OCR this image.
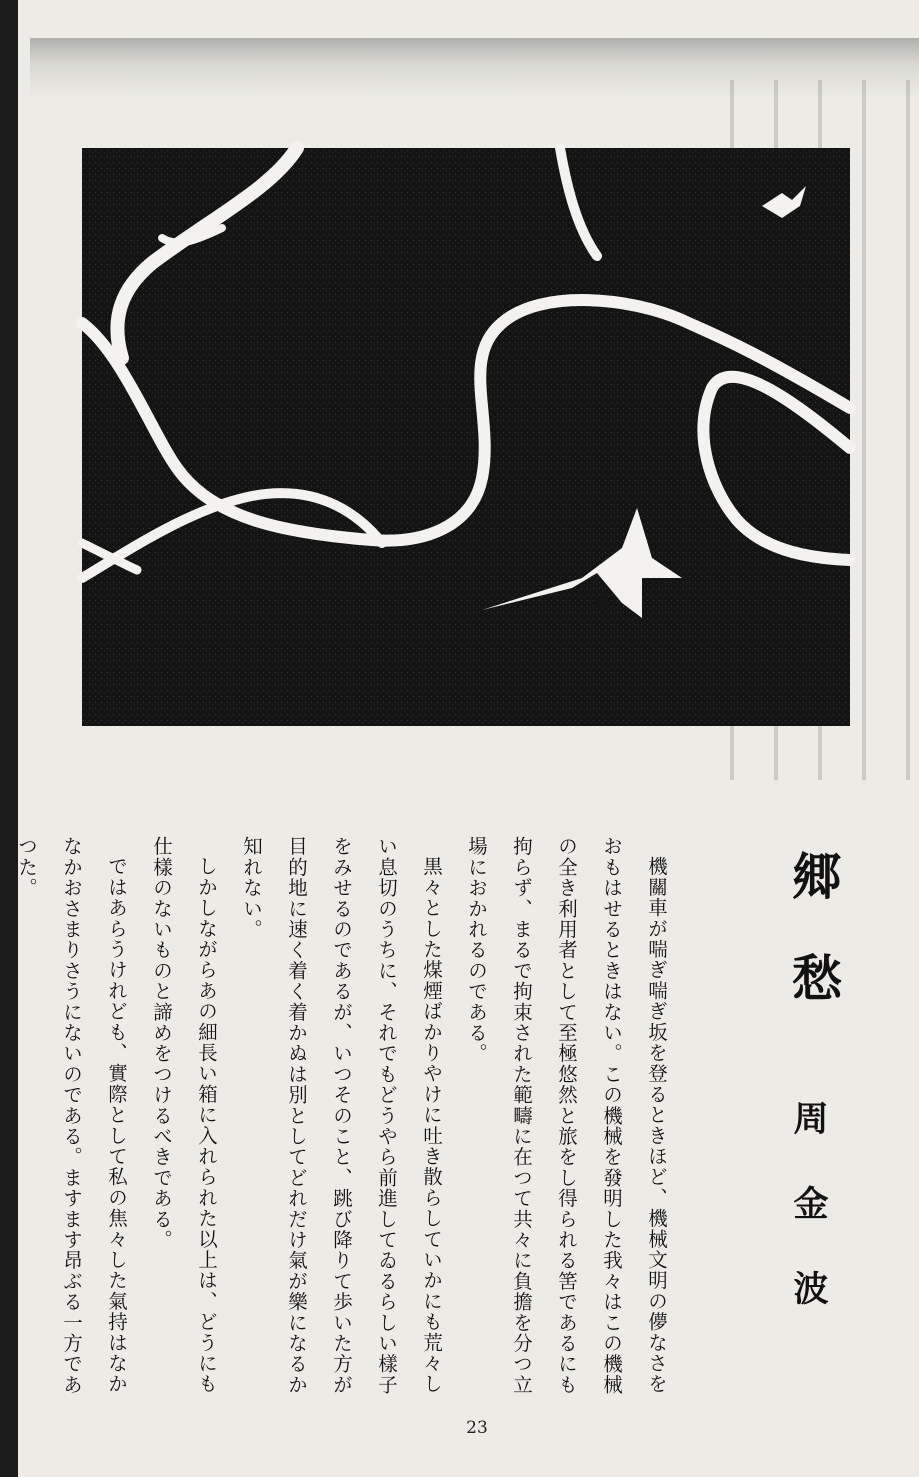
郷愁
周金波

機關車が喘ぎ喘ぎ坂を登るときほど、機械文明の儚なさをおもはせるときはない。この機械を發明した我々はこの機械の全き利用者として至極悠然と旅をし得られる筈であるにも拘らず、まるで拘束された範疇に在つて共々に負擔を分つ立場におかれるのである。

黒々とした煤煙ばかりやけに吐き散らしていかにも荒々しい息切のうちに、それでもどうやら前進してゐるらしい樣子をみせるのであるが、いつそのこと、跳び降りて歩いた方が目的地に速く着く着かぬは別としてどれだけ氣が樂になるか知れない。

しかしながらあの細長い箱に入れられた以上は、どうにも仕樣のないものと諦めをつけるべきである。

ではあらうけれども、實際として私の焦々した氣持はなかなかおさまりさうにないのである。ますます昂ぶる一方であつた。

23
